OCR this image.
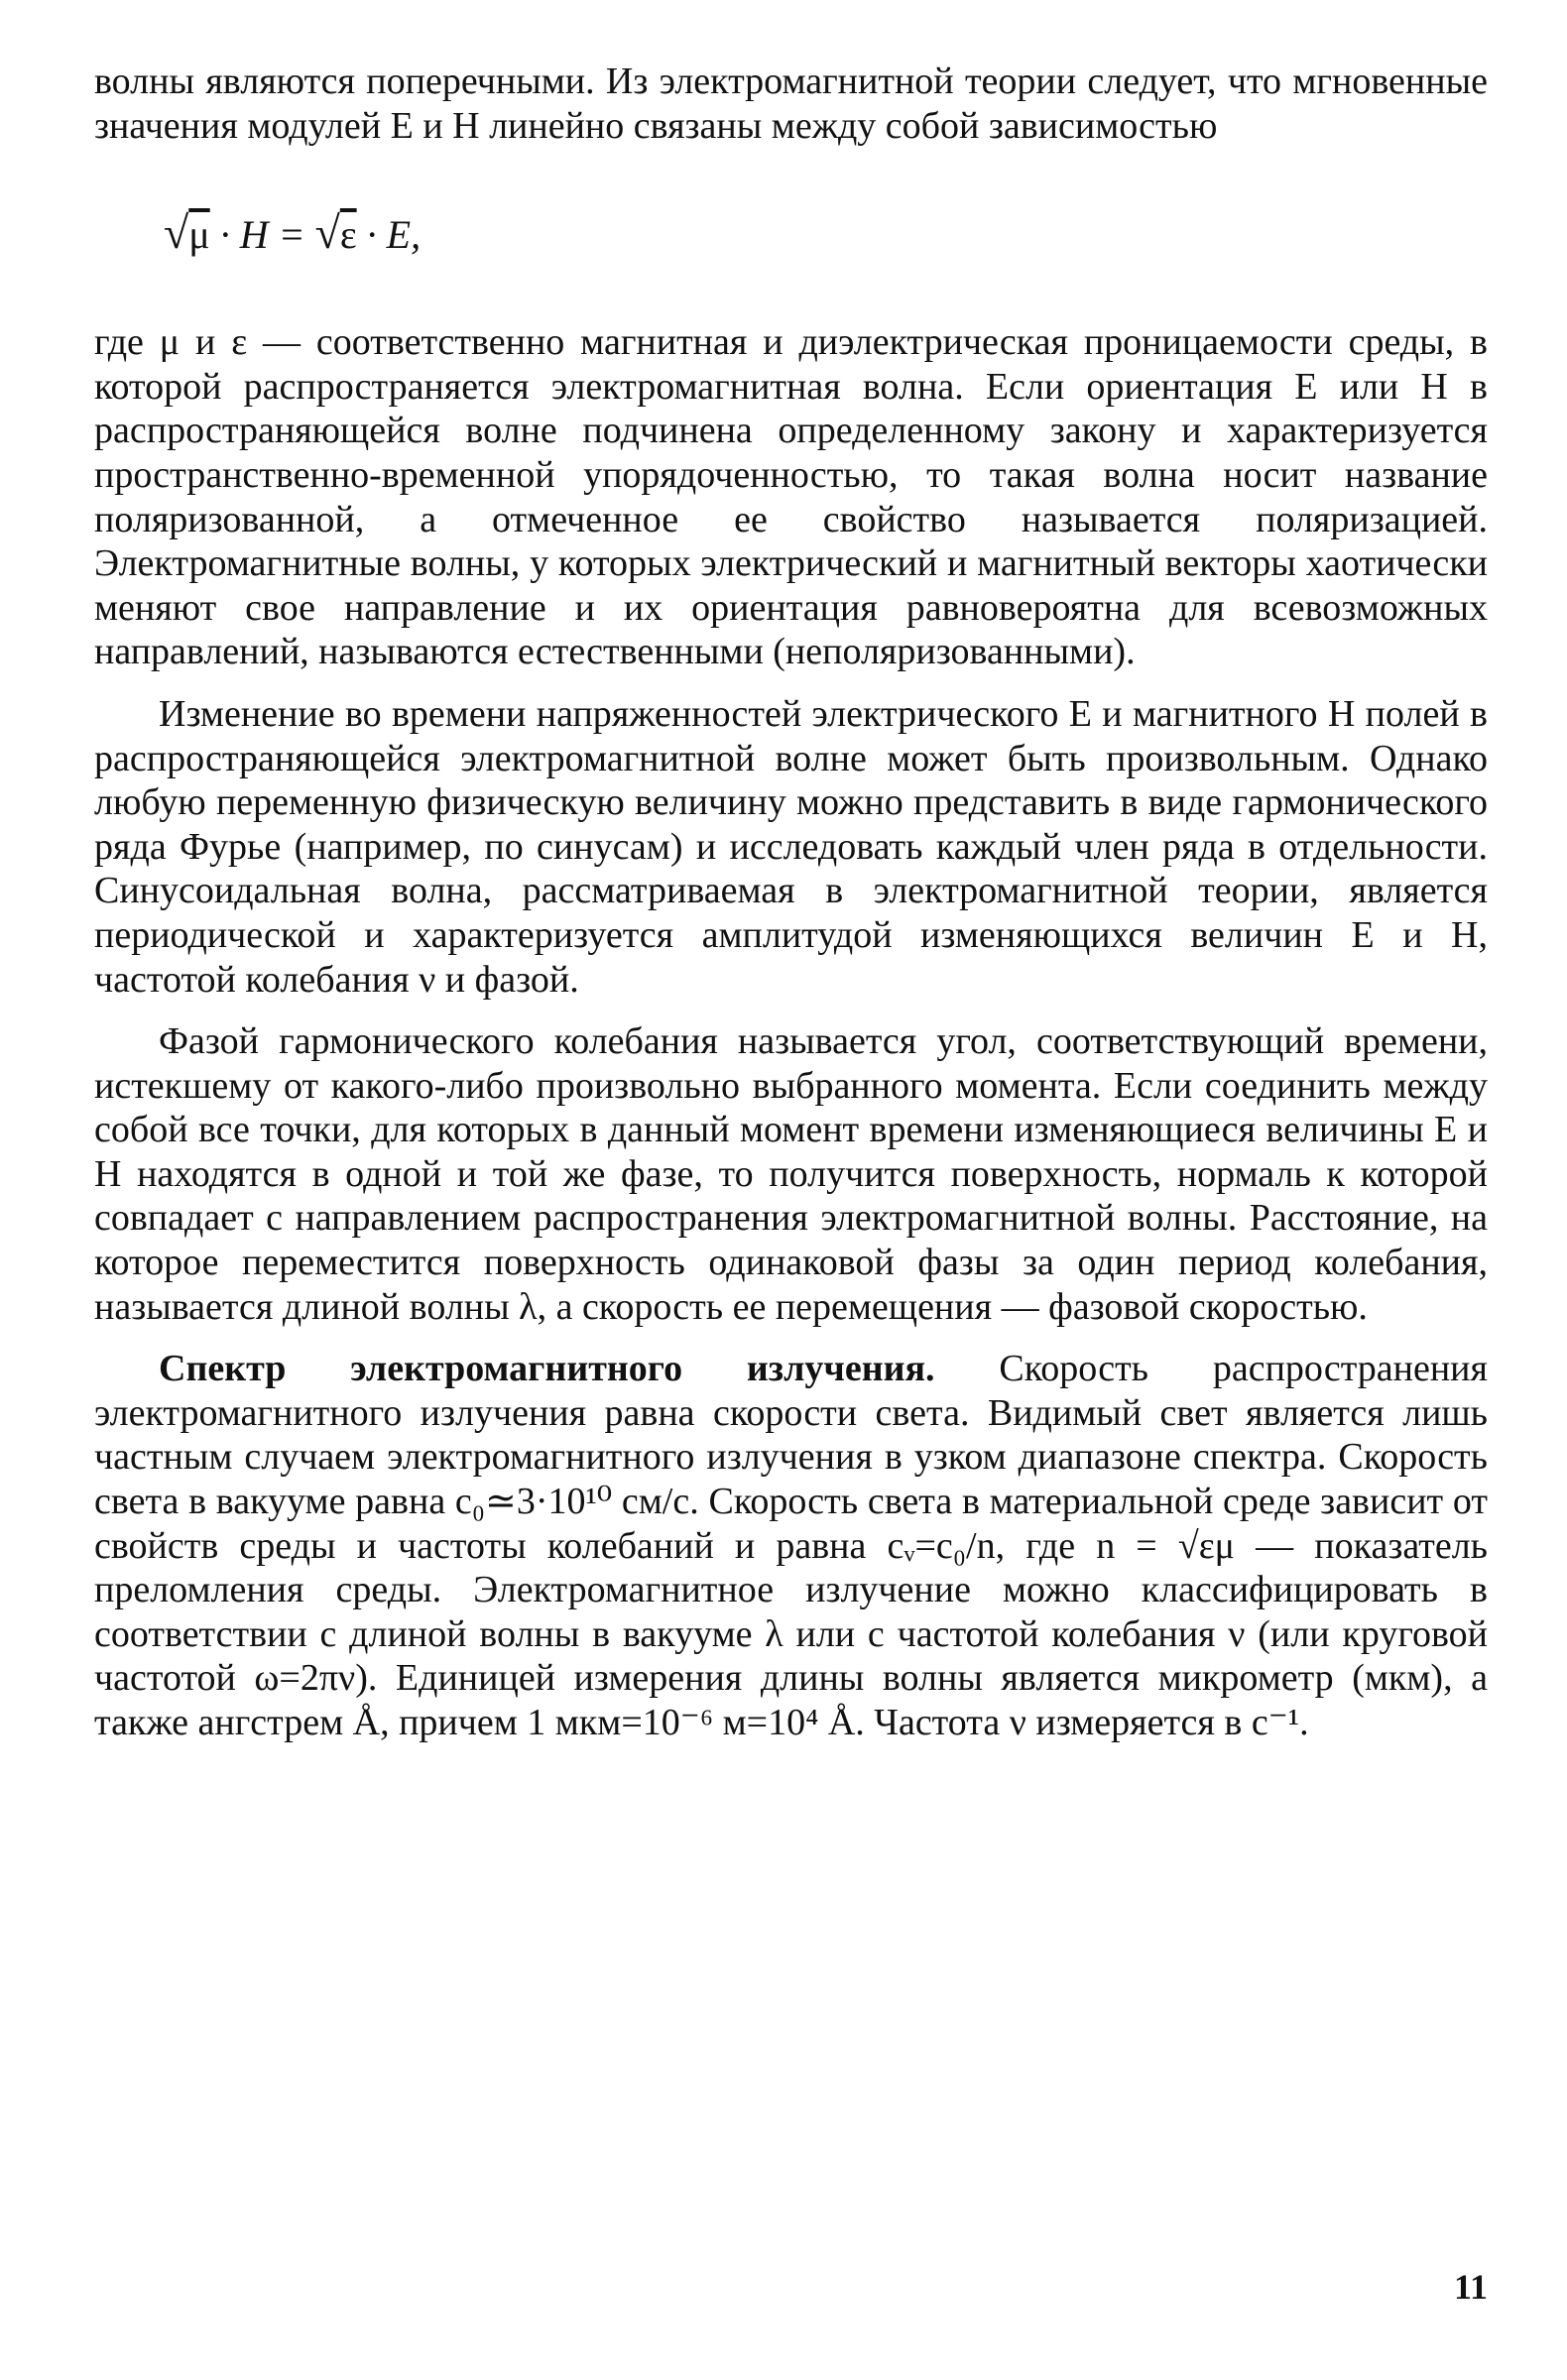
волны являются поперечными. Из электромагнитной теории следует, что мгновенные значения модулей E и H линейно связаны между собой зависимостью

√μ · H = √ε · E,

где μ и ε — соответственно магнитная и диэлектрическая проницаемости среды, в которой распространяется электромагнитная волна. Если ориентация E или H в распространяющейся волне подчинена определенному закону и характеризуется пространственно-временной упорядоченностью, то такая волна носит название поляризованной, а отмеченное ее свойство называется поляризацией. Электромагнитные волны, у которых электрический и магнитный векторы хаотически меняют свое направление и их ориентация равновероятна для всевозможных направлений, называются естественными (неполяризованными).

Изменение во времени напряженностей электрического E и магнитного H полей в распространяющейся электромагнитной волне может быть произвольным. Однако любую переменную физическую величину можно представить в виде гармонического ряда Фурье (например, по синусам) и исследовать каждый член ряда в отдельности. Синусоидальная волна, рассматриваемая в электромагнитной теории, является периодической и характеризуется амплитудой изменяющихся величин E и H, частотой колебания ν и фазой.

Фазой гармонического колебания называется угол, соответствующий времени, истекшему от какого-либо произвольно выбранного момента. Если соединить между собой все точки, для которых в данный момент времени изменяющиеся величины E и H находятся в одной и той же фазе, то получится поверхность, нормаль к которой совпадает с направлением распространения электромагнитной волны. Расстояние, на которое переместится поверхность одинаковой фазы за один период колебания, называется длиной волны λ, а скорость ее перемещения — фазовой скоростью.

Спектр электромагнитного излучения. Скорость распространения электромагнитного излучения равна скорости света. Видимый свет является лишь частным случаем электромагнитного излучения в узком диапазоне спектра. Скорость света в вакууме равна c₀≃3·10¹⁰ см/с. Скорость света в материальной среде зависит от свойств среды и частоты колебаний и равна cᵥ=c₀/n, где n = √εμ — показатель преломления среды. Электромагнитное излучение можно классифицировать в соответствии с длиной волны в вакууме λ или с частотой колебания ν (или круговой частотой ω=2πν). Единицей измерения длины волны является микрометр (мкм), а также ангстрем Å, причем 1 мкм=10⁻⁶ м=10⁴ Å. Частота ν измеряется в с⁻¹.

11
